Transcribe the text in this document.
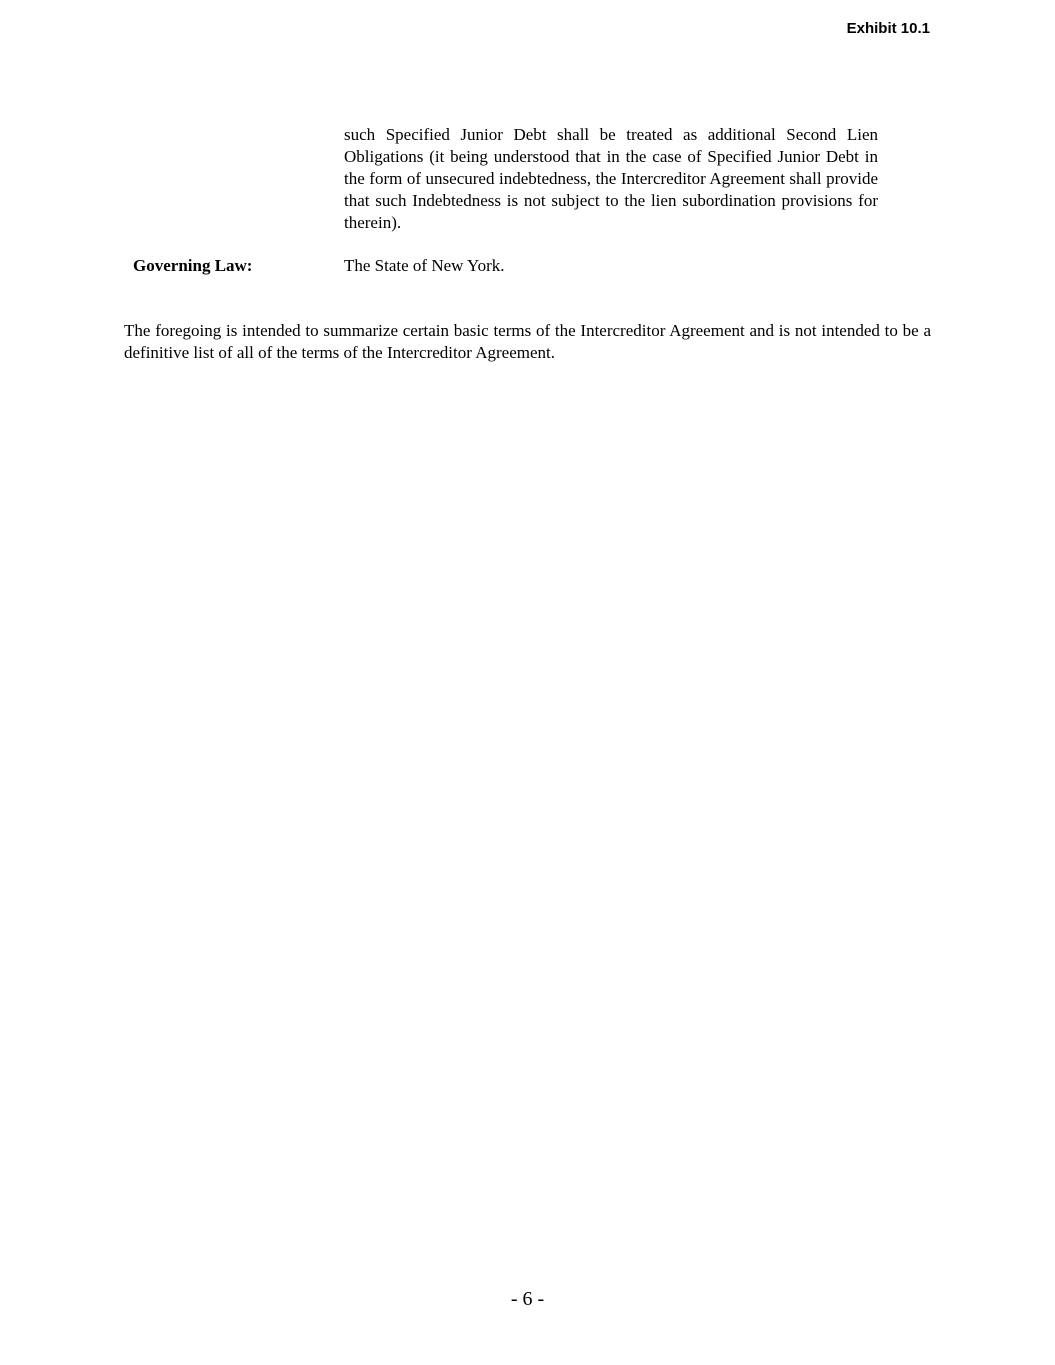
Exhibit 10.1

such Specified Junior Debt shall be treated as additional Second Lien Obligations (it being understood that in the case of Specified Junior Debt in the form of unsecured indebtedness, the Intercreditor Agreement shall provide that such Indebtedness is not subject to the lien subordination provisions for therein).

Governing Law:	The State of New York.

The foregoing is intended to summarize certain basic terms of the Intercreditor Agreement and is not intended to be a definitive list of all of the terms of the Intercreditor Agreement.

- 6 -
